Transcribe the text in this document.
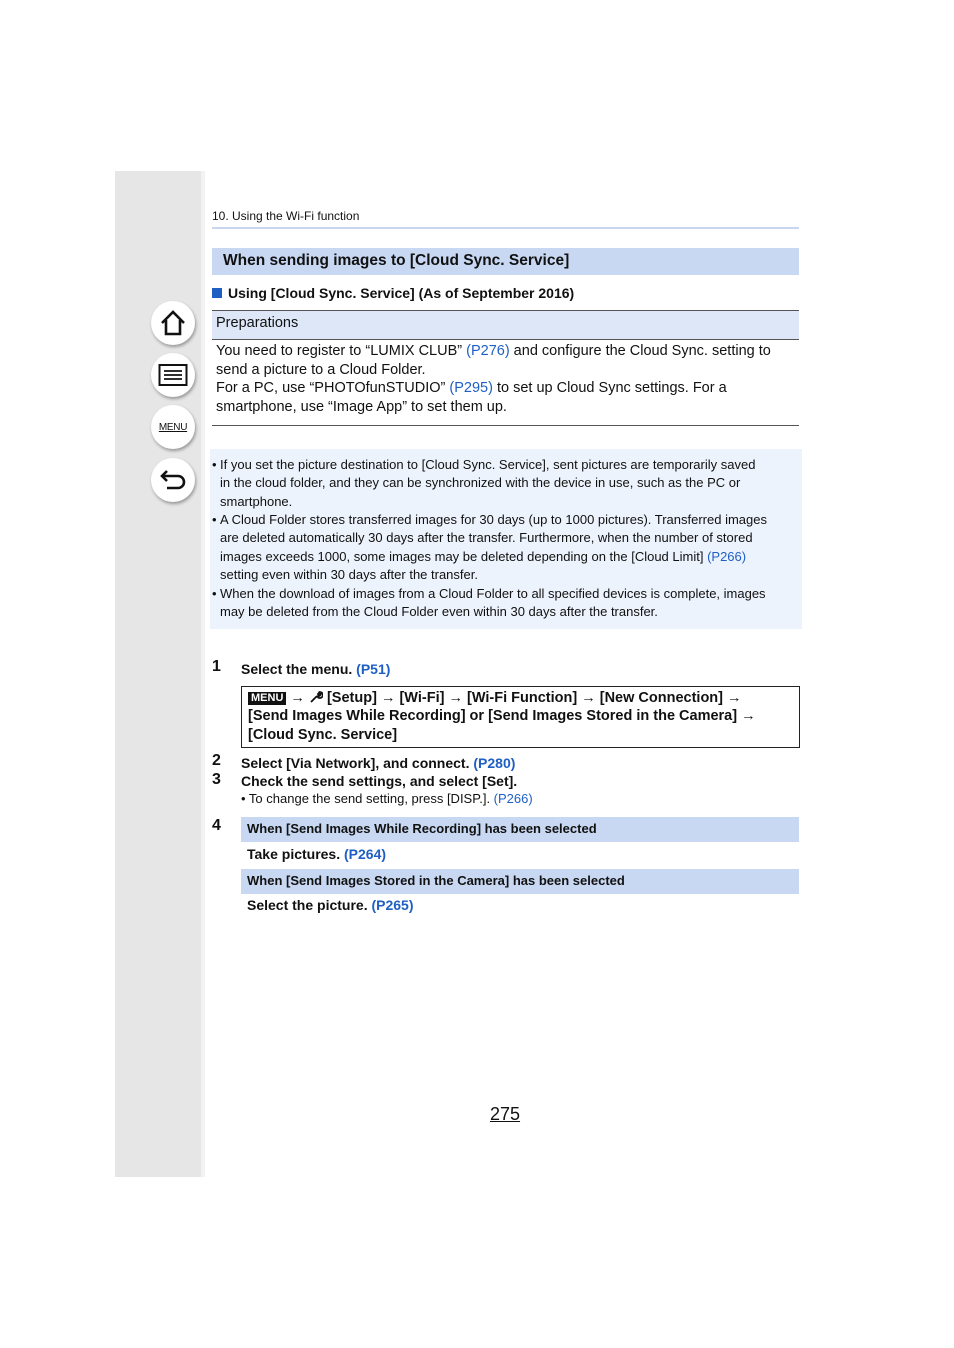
MENU
10. Using the Wi-Fi function
When sending images to [Cloud Sync. Service]
Using [Cloud Sync. Service] (As of September 2016)
Preparations
You need to register to “LUMIX CLUB” (P276) and configure the Cloud Sync. setting to
send a picture to a Cloud Folder.
For a PC, use “PHOTOfunSTUDIO” (P295) to set up Cloud Sync settings. For a
smartphone, use “Image App” to set them up.
• If you set the picture destination to [Cloud Sync. Service], sent pictures are temporarily saved
in the cloud folder, and they can be synchronized with the device in use, such as the PC or
smartphone.
• A Cloud Folder stores transferred images for 30 days (up to 1000 pictures). Transferred images
are deleted automatically 30 days after the transfer. Furthermore, when the number of stored
images exceeds 1000, some images may be deleted depending on the [Cloud Limit] (P266)
setting even within 30 days after the transfer.
• When the download of images from a Cloud Folder to all specified devices is complete, images
may be deleted from the Cloud Folder even within 30 days after the transfer.
1 Select the menu. (P51)
MENU →  [Setup] → [Wi-Fi] → [Wi-Fi Function] → [New Connection] →
[Send Images While Recording] or [Send Images Stored in the Camera] →
[Cloud Sync. Service]
2 Select [Via Network], and connect. (P280)
3 Check the send settings, and select [Set].
• To change the send setting, press [DISP.]. (P266)
4 When [Send Images While Recording] has been selected
Take pictures. (P264)
When [Send Images Stored in the Camera] has been selected
Select the picture. (P265)
275
